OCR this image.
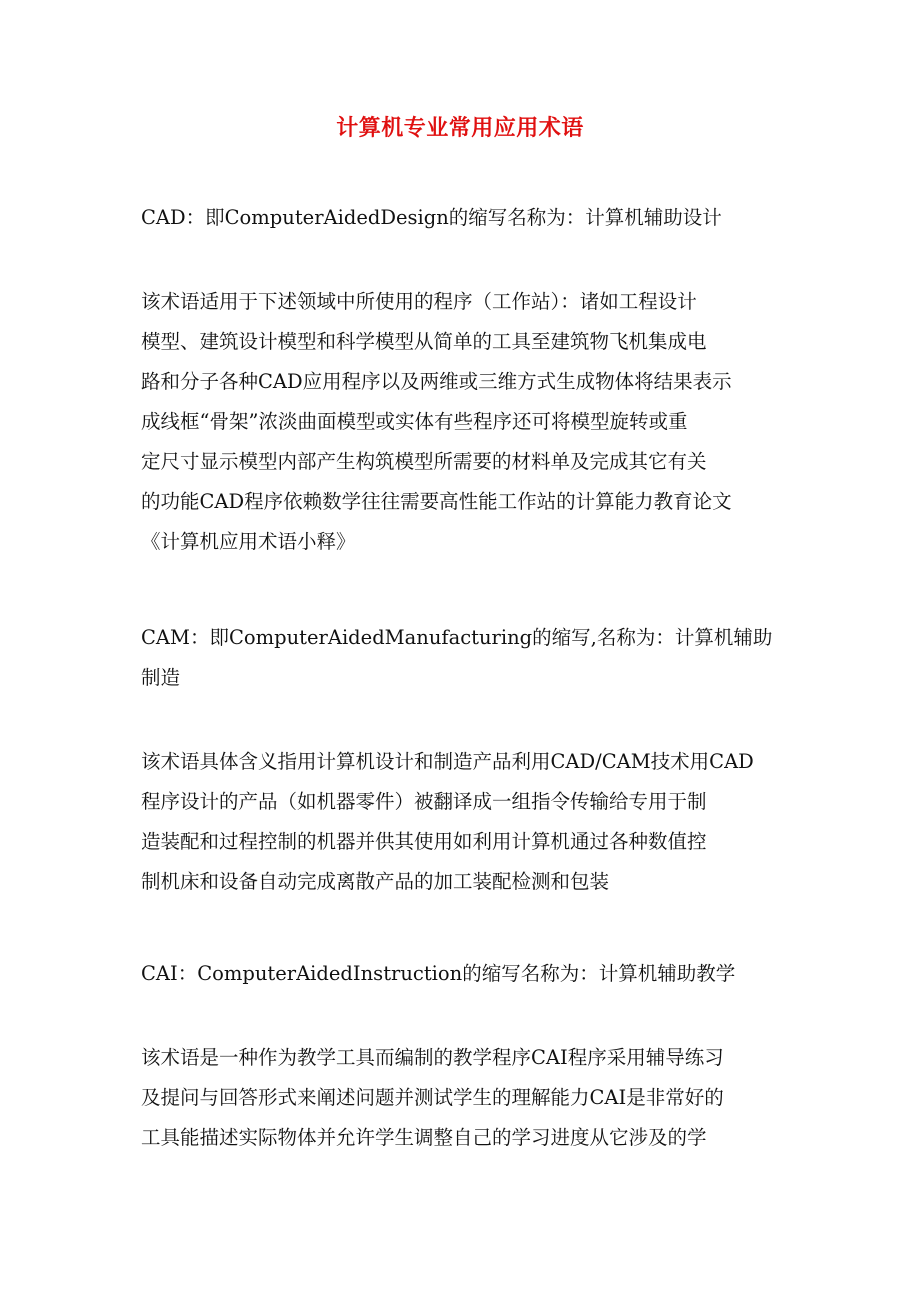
计算机专业常用应用术语

CAD：即ComputerAidedDesign的缩写名称为：计算机辅助设计

该术语适用于下述领域中所使用的程序（工作站）：诸如工程设计
模型、建筑设计模型和科学模型从简单的工具至建筑物飞机集成电
路和分子各种CAD应用程序以及两维或三维方式生成物体将结果表示
成线框“骨架”浓淡曲面模型或实体有些程序还可将模型旋转或重
定尺寸显示模型内部产生构筑模型所需要的材料单及完成其它有关
的功能CAD程序依赖数学往往需要高性能工作站的计算能力教育论文
《计算机应用术语小释》

CAM：即ComputerAidedManufacturing的缩写,名称为：计算机辅助
制造

该术语具体含义指用计算机设计和制造产品利用CAD/CAM技术用CAD
程序设计的产品（如机器零件）被翻译成一组指令传输给专用于制
造装配和过程控制的机器并供其使用如利用计算机通过各种数值控
制机床和设备自动完成离散产品的加工装配检测和包装

CAI：ComputerAidedInstruction的缩写名称为：计算机辅助教学

该术语是一种作为教学工具而编制的教学程序CAI程序采用辅导练习
及提问与回答形式来阐述问题并测试学生的理解能力CAI是非常好的
工具能描述实际物体并允许学生调整自己的学习进度从它涉及的学
